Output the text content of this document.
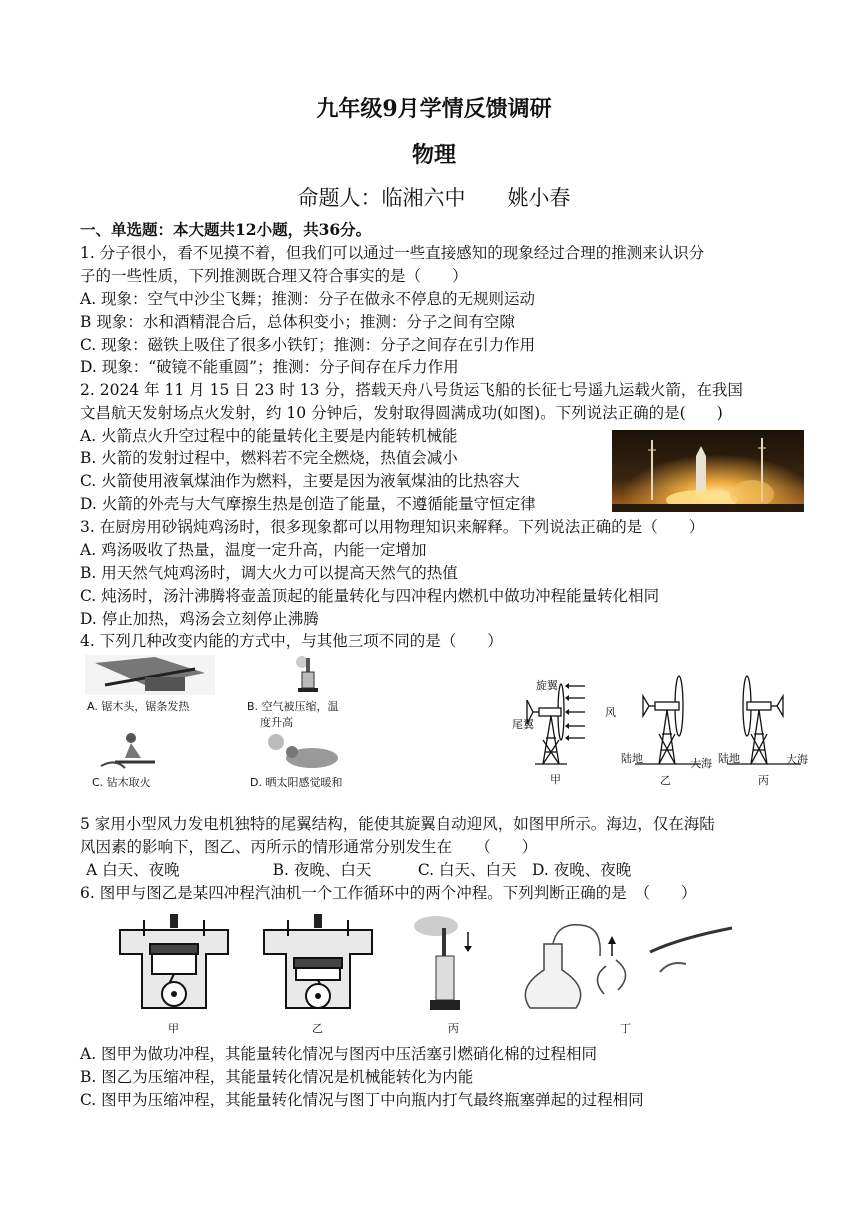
九年级9月学情反馈调研
物理
命题人：临湘六中　　姚小春
一、单选题：本大题共12小题，共36分。
1. 分子很小，看不见摸不着，但我们可以通过一些直接感知的现象经过合理的推测来认识分
子的一些性质，下列推测既合理又符合事实的是（　　）
A. 现象：空气中沙尘飞舞；推测：分子在做永不停息的无规则运动
B 现象：水和酒精混合后，总体积变小；推测：分子之间有空隙
C. 现象：磁铁上吸住了很多小铁钉；推测：分子之间存在引力作用
D. 现象：“破镜不能重圆”；推测：分子间存在斥力作用
2. 2024 年 11 月 15 日 23 时 13 分，搭载天舟八号货运飞船的长征七号遥九运载火箭，在我国
文昌航天发射场点火发射，约 10 分钟后，发射取得圆满成功(如图)。下列说法正确的是(　　)
A. 火箭点火升空过程中的能量转化主要是内能转机械能
B. 火箭的发射过程中，燃料若不完全燃烧，热值会减小
C. 火箭使用液氧煤油作为燃料，主要是因为液氧煤油的比热容大
D. 火箭的外壳与大气摩擦生热是创造了能量，不遵循能量守恒定律
3. 在厨房用砂锅炖鸡汤时，很多现象都可以用物理知识来解释。下列说法正确的是（　　）
A. 鸡汤吸收了热量，温度一定升高，内能一定增加
B. 用天然气炖鸡汤时，调大火力可以提高天然气的热值
C. 炖汤时，汤汁沸腾将壶盖顶起的能量转化与四冲程内燃机中做功冲程能量转化相同
D. 停止加热，鸡汤会立刻停止沸腾
4. 下列几种改变内能的方式中，与其他三项不同的是（　　）
A. 锯木头，锯条发热	B. 空气被压缩，温
度升高
C. 钻木取火	D. 晒太阳感觉暖和
旋翼
尾翼
风
陆地	大海 陆地	大海
甲	乙	丙
5 家用小型风力发电机独特的尾翼结构，能使其旋翼自动迎风，如图甲所示。海边，仅在海陆
风因素的影响下，图乙、丙所示的情形通常分别发生在　　（　　）
A 白天、夜晚　　　　　　B. 夜晚、白天　　　C. 白天、白天　D. 夜晚、夜晚
6. 图甲与图乙是某四冲程汽油机一个工作循环中的两个冲程。下列判断正确的是　（　　）
甲	乙	丙	丁
A. 图甲为做功冲程，其能量转化情况与图丙中压活塞引燃硝化棉的过程相同
B. 图乙为压缩冲程，其能量转化情况是机械能转化为内能
C. 图甲为压缩冲程，其能量转化情况与图丁中向瓶内打气最终瓶塞弹起的过程相同
